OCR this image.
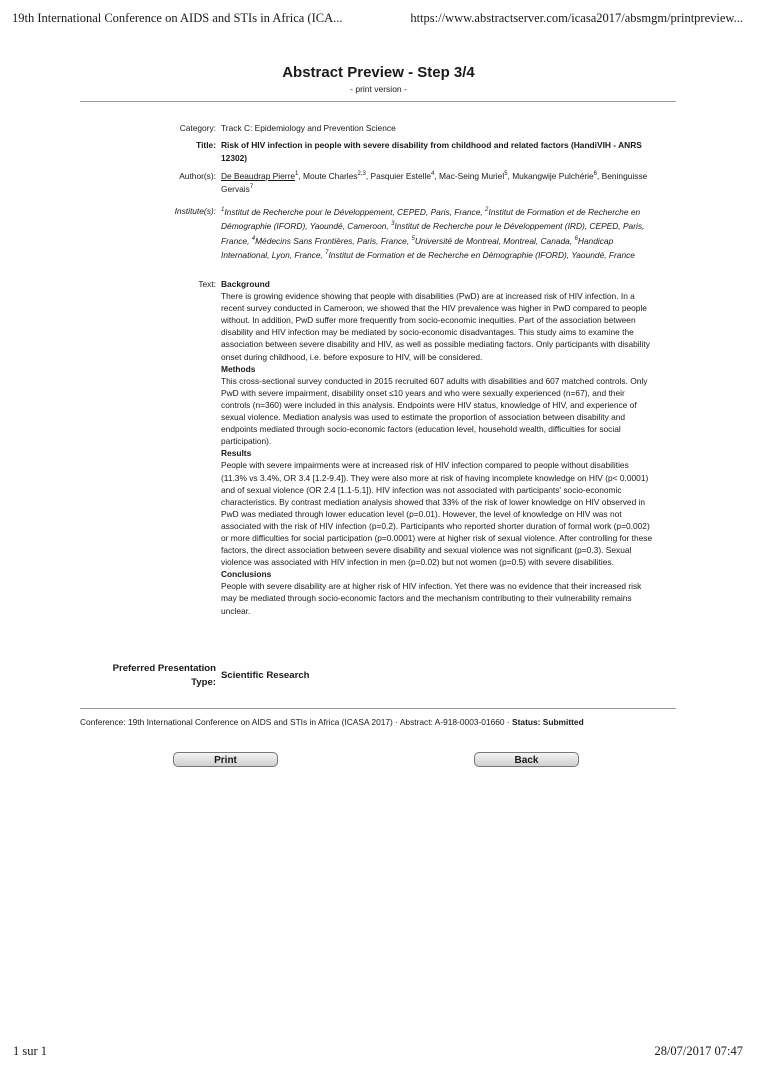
19th International Conference on AIDS and STIs in Africa (ICA...	https://www.abstractserver.com/icasa2017/absmgm/printpreview...
Abstract Preview - Step 3/4
- print version -
Category: Track C: Epidemiology and Prevention Science
Title: Risk of HIV infection in people with severe disability from childhood and related factors (HandiVIH - ANRS 12302)
Author(s): De Beaudrap Pierre$^1$, Moute Charles$^{2,3}$, Pasquier Estelle$^4$, Mac-Seing Muriel$^5$, Mukangwije Pulchérie$^6$, Beninguisse Gervais$^7$
Institute(s): $^1$Institut de Recherche pour le Développement, CEPED, Paris, France, $^2$Institut de Formation et de Recherche en Démographie (IFORD), Yaoundé, Cameroon, $^3$Institut de Recherche pour le Développement (IRD), CEPED, Paris, France, $^4$Médecins Sans Frontières, Paris, France, $^5$Université de Montreal, Montreal, Canada, $^6$Handicap International, Lyon, France, $^7$Institut de Formation et de Recherche en Démographie (IFORD), Yaoundé, France
Text: Background

There is growing evidence showing that people with disabilities (PwD) are at increased risk of HIV infection. In a recent survey conducted in Cameroon, we showed that the HIV prevalence was higher in PwD compared to people without. In addition, PwD suffer more frequently from socio-economic inequities. Part of the association between disability and HIV infection may be mediated by socio-economic disadvantages. This study aims to examine the association between severe disability and HIV, as well as possible mediating factors. Only participants with disability onset during childhood, i.e. before exposure to HIV, will be considered.

Methods

This cross-sectional survey conducted in 2015 recruited 607 adults with disabilities and 607 matched controls. Only PwD with severe impairment, disability onset ≤10 years and who were sexually experienced (n=67), and their controls (n=360) were included in this analysis. Endpoints were HIV status, knowledge of HIV, and experience of sexual violence. Mediation analysis was used to estimate the proportion of association between disability and endpoints mediated through socio-economic factors (education level, household wealth, difficulties for social participation).

Results

People with severe impairments were at increased risk of HIV infection compared to people without disabilities (11.3% vs 3.4%, OR 3.4 [1.2-9.4]). They were also more at risk of having incomplete knowledge on HIV (p< 0.0001) and of sexual violence (OR 2.4 [1.1-5.1]). HIV infection was not associated with participants' socio-economic characteristics. By contrast mediation analysis showed that 33% of the risk of lower knowledge on HIV observed in PwD was mediated through lower education level (p=0.01). However, the level of knowledge on HIV was not associated with the risk of HIV infection (p=0.2). Participants who reported shorter duration of formal work (p=0.002) or more difficulties for social participation (p=0.0001) were at higher risk of sexual violence. After controlling for these factors, the direct association between severe disability and sexual violence was not significant (p=0.3). Sexual violence was associated with HIV infection in men (p=0.02) but not women (p=0.5) with severe disabilities.

Conclusions

People with severe disability are at higher risk of HIV infection. Yet there was no evidence that their increased risk may be mediated through socio-economic factors and the mechanism contributing to their vulnerability remains unclear.

Preferred Presentation
Type:
Scientific Research
Conference: 19th International Conference on AIDS and STIs in Africa (ICASA 2017) · Abstract: A-918-0003-01660 · Status: Submitted
Print	Back
1 sur 1	28/07/2017 07:47
